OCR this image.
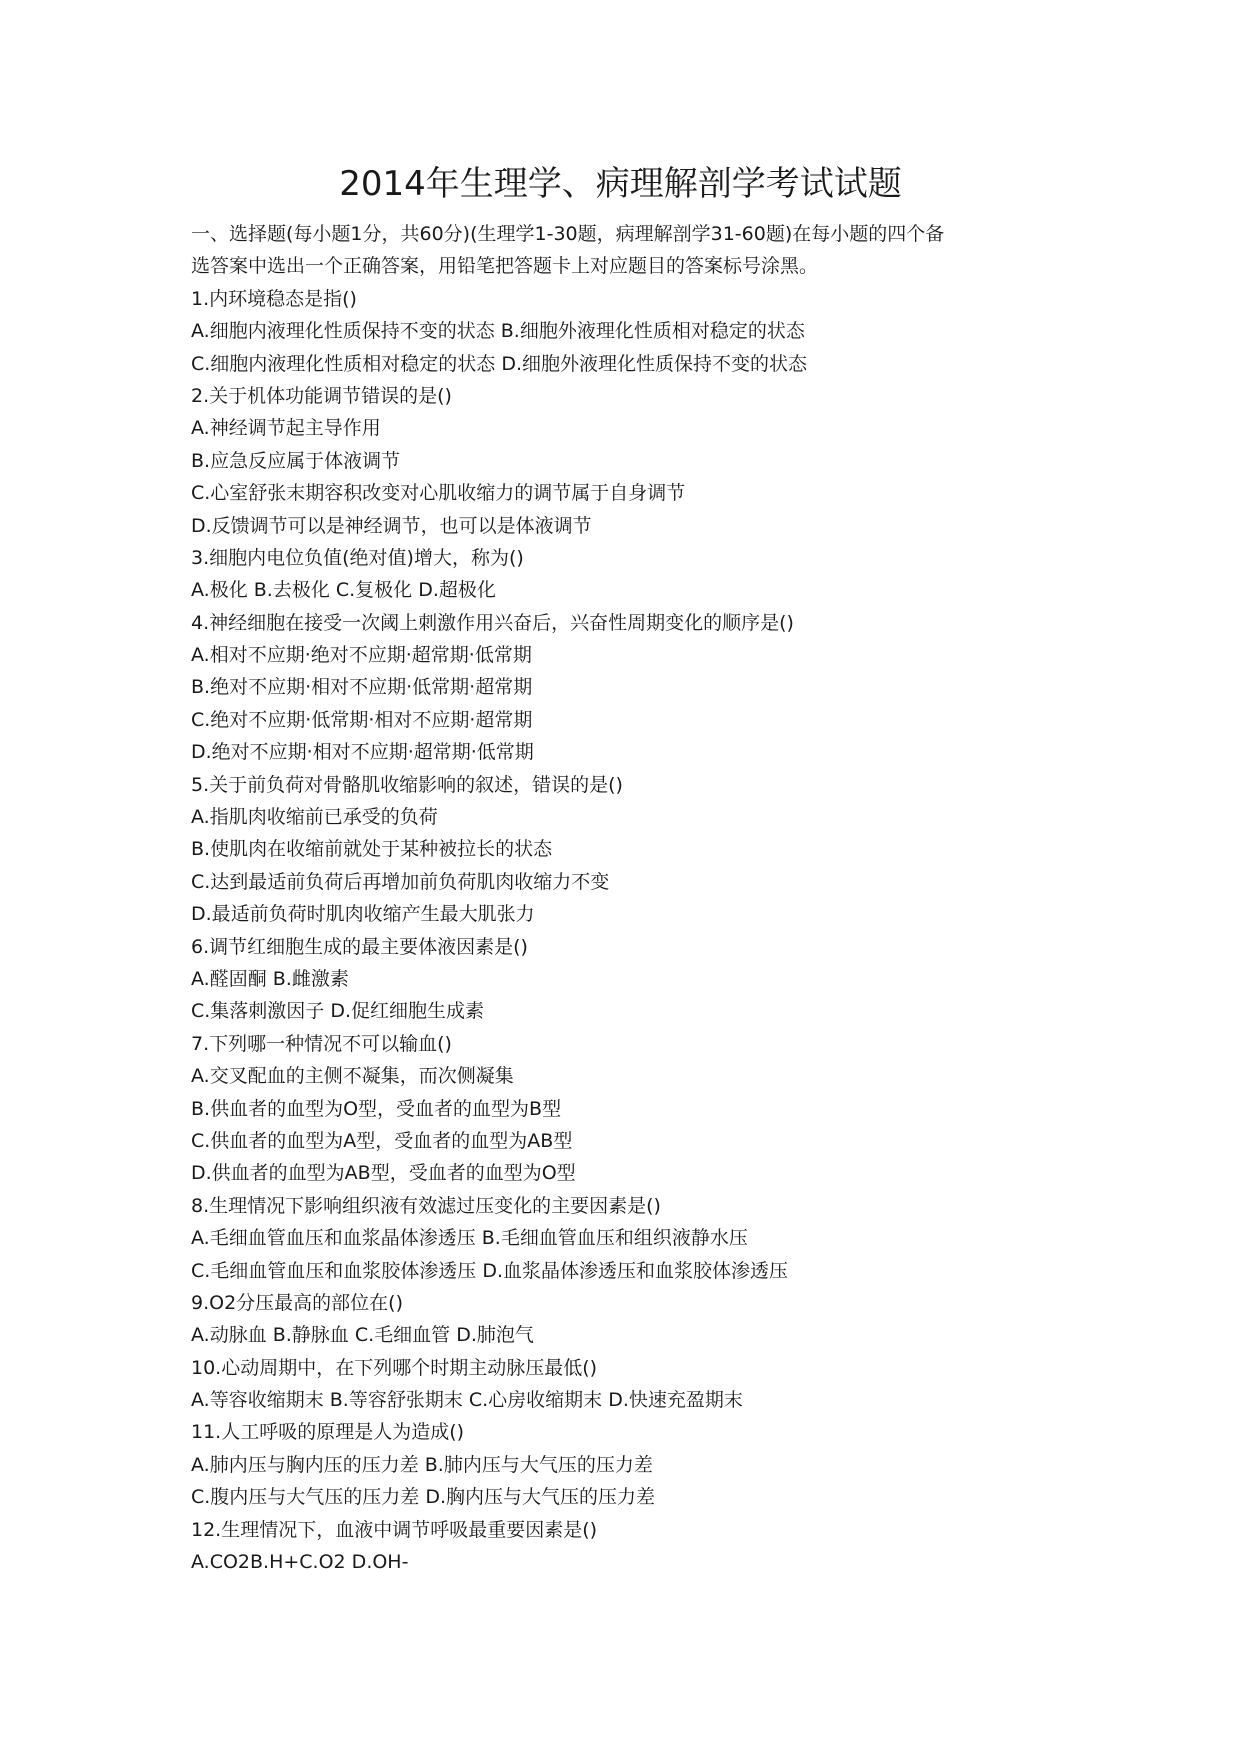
2014年生理学、病理解剖学考试试题

一、选择题(每小题1分，共60分)(生理学1-30题，病理解剖学31-60题)在每小题的四个备

选答案中选出一个正确答案，用铅笔把答题卡上对应题目的答案标号涂黑。

1.内环境稳态是指()

A.细胞内液理化性质保持不变的状态 B.细胞外液理化性质相对稳定的状态

C.细胞内液理化性质相对稳定的状态 D.细胞外液理化性质保持不变的状态

2.关于机体功能调节错误的是()

A.神经调节起主导作用

B.应急反应属于体液调节

C.心室舒张末期容积改变对心肌收缩力的调节属于自身调节

D.反馈调节可以是神经调节，也可以是体液调节

3.细胞内电位负值(绝对值)增大，称为()

A.极化 B.去极化 C.复极化 D.超极化

4.神经细胞在接受一次阈上刺激作用兴奋后，兴奋性周期变化的顺序是()

A.相对不应期·绝对不应期·超常期·低常期

B.绝对不应期·相对不应期·低常期·超常期

C.绝对不应期·低常期·相对不应期·超常期

D.绝对不应期·相对不应期·超常期·低常期

5.关于前负荷对骨骼肌收缩影响的叙述，错误的是()

A.指肌肉收缩前已承受的负荷

B.使肌肉在收缩前就处于某种被拉长的状态

C.达到最适前负荷后再增加前负荷肌肉收缩力不变

D.最适前负荷时肌肉收缩产生最大肌张力

6.调节红细胞生成的最主要体液因素是()

A.醛固酮 B.雌激素

C.集落刺激因子 D.促红细胞生成素

7.下列哪一种情况不可以输血()

A.交叉配血的主侧不凝集，而次侧凝集

B.供血者的血型为O型，受血者的血型为B型

C.供血者的血型为A型，受血者的血型为AB型

D.供血者的血型为AB型，受血者的血型为O型

8.生理情况下影响组织液有效滤过压变化的主要因素是()

A.毛细血管血压和血浆晶体渗透压 B.毛细血管血压和组织液静水压

C.毛细血管血压和血浆胶体渗透压 D.血浆晶体渗透压和血浆胶体渗透压

9.O2分压最高的部位在()

A.动脉血 B.静脉血 C.毛细血管 D.肺泡气

10.心动周期中，在下列哪个时期主动脉压最低()

A.等容收缩期末 B.等容舒张期末 C.心房收缩期末 D.快速充盈期末

11.人工呼吸的原理是人为造成()

A.肺内压与胸内压的压力差 B.肺内压与大气压的压力差

C.腹内压与大气压的压力差 D.胸内压与大气压的压力差

12.生理情况下，血液中调节呼吸最重要因素是()

A.CO2B.H+C.O2 D.OH-
